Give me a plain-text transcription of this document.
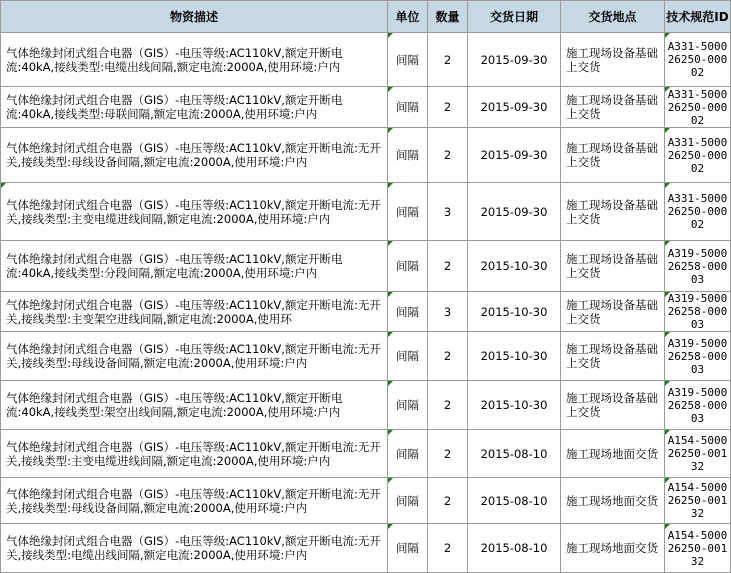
物资描述	单位	数量	交货日期	交货地点	技术规范ID
气体绝缘封闭式组合电器（GIS）-电压等级:AC110kV,额定开断电流:40kA,接线类型:电缆出线间隔,额定电流:2000A,使用环境:户内	间隔	2	2015-09-30	施工现场设备基础上交货	A331-500026250-00002
气体绝缘封闭式组合电器（GIS）-电压等级:AC110kV,额定开断电流:40kA,接线类型:母联间隔,额定电流:2000A,使用环境:户内	间隔	2	2015-09-30	施工现场设备基础上交货	A331-500026250-00002
气体绝缘封闭式组合电器（GIS）-电压等级:AC110kV,额定开断电流:无开关,接线类型:母线设备间隔,额定电流:2000A,使用环境:户内	间隔	2	2015-09-30	施工现场设备基础上交货	A331-500026250-00002
气体绝缘封闭式组合电器（GIS）-电压等级:AC110kV,额定开断电流:无开关,接线类型:主变电缆进线间隔,额定电流:2000A,使用环境:户内	间隔	3	2015-09-30	施工现场设备基础上交货	A331-500026250-00002
气体绝缘封闭式组合电器（GIS）-电压等级:AC110kV,额定开断电流:40kA,接线类型:分段间隔,额定电流:2000A,使用环境:户内	间隔	2	2015-10-30	施工现场设备基础上交货	A319-500026258-00003

气体绝缘封闭式组合电器（GIS）-电压等级:AC110kV,额定开断电流:无开关,接线类型:主变架空进线间隔,额定电流:2000A,使用环	间隔	3	2015-10-30	施工现场设备基础上交货	A319-500026258-00003
气体绝缘封闭式组合电器（GIS）-电压等级:AC110kV,额定开断电流:无开关,接线类型:母线设备间隔,额定电流:2000A,使用环境:户内	间隔	2	2015-10-30	施工现场设备基础上交货	A319-500026258-00003
气体绝缘封闭式组合电器（GIS）-电压等级:AC110kV,额定开断电流:40kA,接线类型:架空出线间隔,额定电流:2000A,使用环境:户内	间隔	2	2015-10-30	施工现场设备基础上交货	A319-500026258-00003
气体绝缘封闭式组合电器（GIS）-电压等级:AC110kV,额定开断电流:无开关,接线类型:主变电缆进线间隔,额定电流:2000A,使用环境:户内	间隔	2	2015-08-10	施工现场地面交货	A154-500026250-00132
气体绝缘封闭式组合电器（GIS）-电压等级:AC110kV,额定开断电流:无开关,接线类型:母线设备间隔,额定电流:2000A,使用环境:户内	间隔	2	2015-08-10	施工现场地面交货	A154-500026250-00132
气体绝缘封闭式组合电器（GIS）-电压等级:AC110kV,额定开断电流:无开关,接线类型:电缆出线间隔,额定电流:2000A,使用环境:户内	间隔	2	2015-08-10	施工现场地面交货	A154-500026250-00132
